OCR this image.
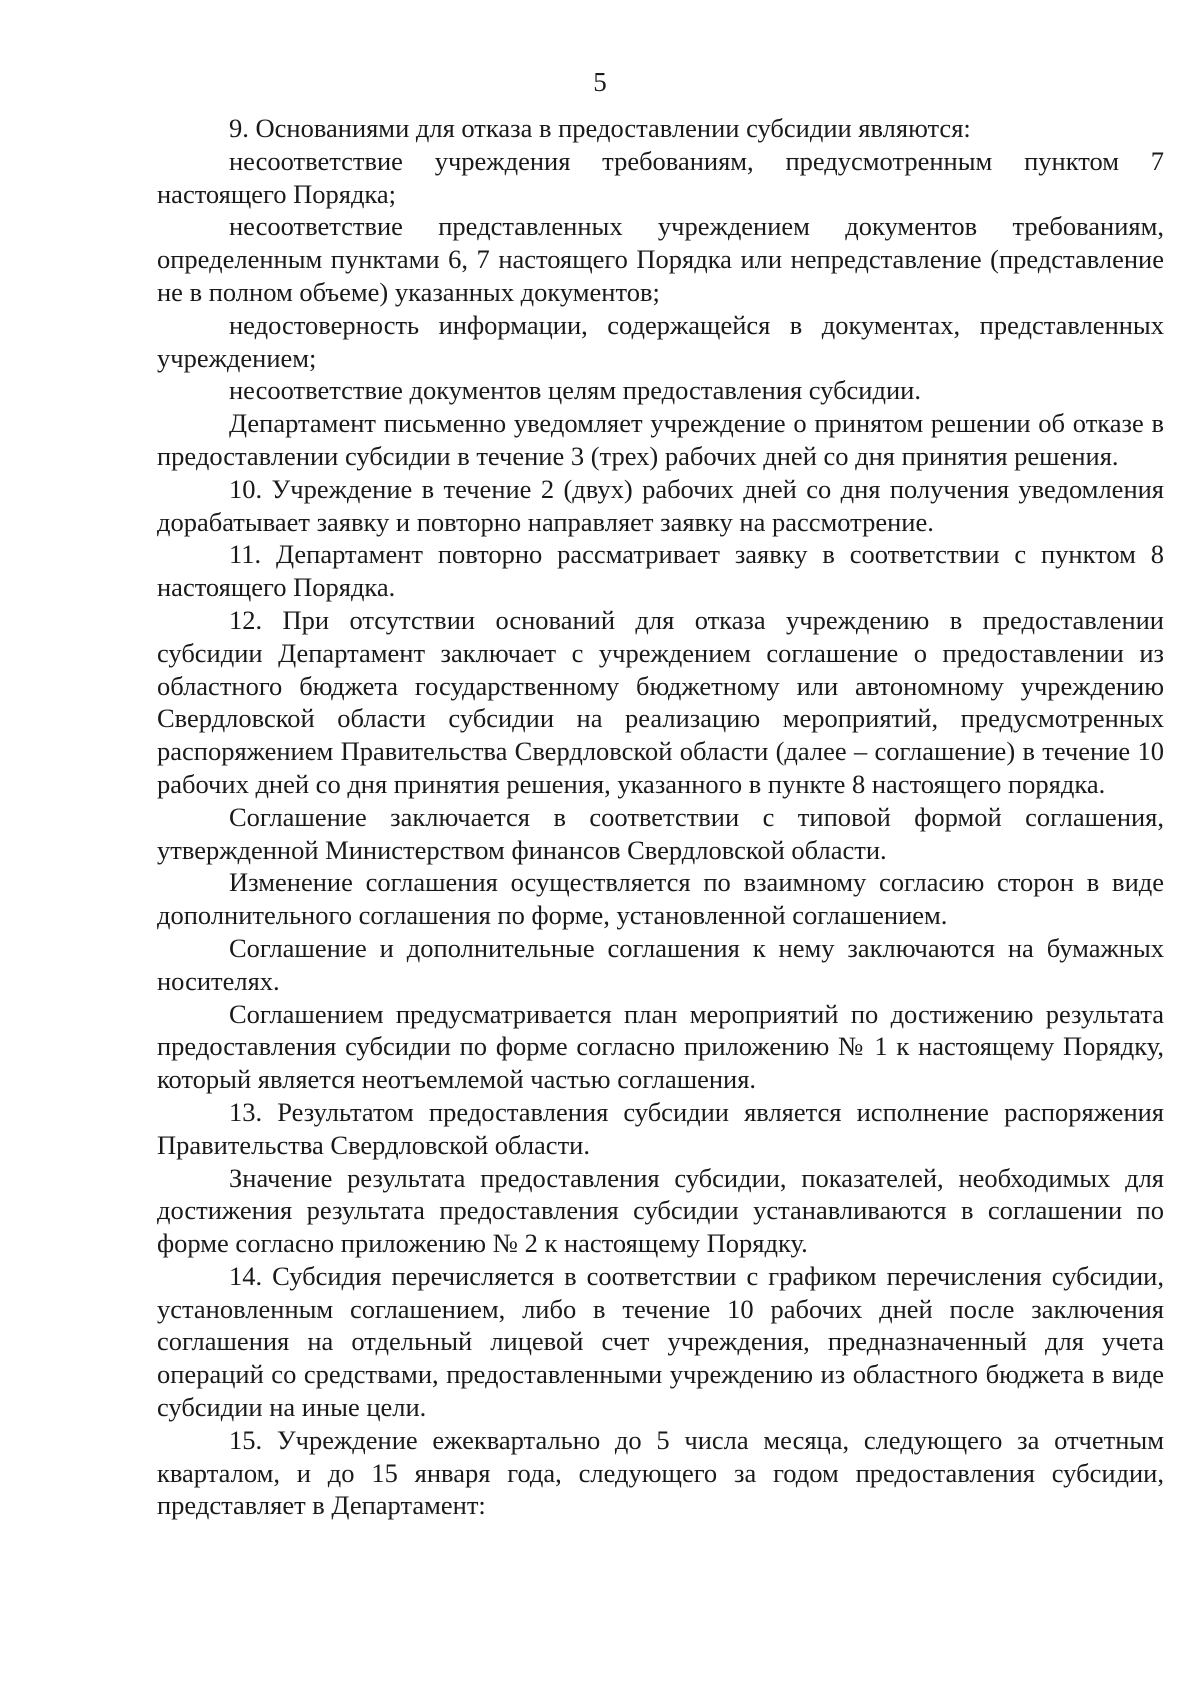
5

9. Основаниями для отказа в предоставлении субсидии являются:

несоответствие учреждения требованиям, предусмотренным пунктом 7 настоящего Порядка;

несоответствие представленных учреждением документов требованиям, определенным пунктами 6, 7 настоящего Порядка или непредставление (представление не в полном объеме) указанных документов;

недостоверность информации, содержащейся в документах, представленных учреждением;

несоответствие документов целям предоставления субсидии.

Департамент письменно уведомляет учреждение о принятом решении об отказе в предоставлении субсидии в течение 3 (трех) рабочих дней со дня принятия решения.

10. Учреждение в течение 2 (двух) рабочих дней со дня получения уведомления дорабатывает заявку и повторно направляет заявку на рассмотрение.

11. Департамент повторно рассматривает заявку в соответствии с пунктом 8 настоящего Порядка.

12. При отсутствии оснований для отказа учреждению в предоставлении субсидии Департамент заключает с учреждением соглашение о предоставлении из областного бюджета государственному бюджетному или автономному учреждению Свердловской области субсидии на реализацию мероприятий, предусмотренных распоряжением Правительства Свердловской области (далее – соглашение) в течение 10 рабочих дней со дня принятия решения, указанного в пункте 8 настоящего порядка.

Соглашение заключается в соответствии с типовой формой соглашения, утвержденной Министерством финансов Свердловской области.

Изменение соглашения осуществляется по взаимному согласию сторон в виде дополнительного соглашения по форме, установленной соглашением.

Соглашение и дополнительные соглашения к нему заключаются на бумажных носителях.

Соглашением предусматривается план мероприятий по достижению результата предоставления субсидии по форме согласно приложению № 1 к настоящему Порядку, который является неотъемлемой частью соглашения.

13. Результатом предоставления субсидии является исполнение распоряжения Правительства Свердловской области.

Значение результата предоставления субсидии, показателей, необходимых для достижения результата предоставления субсидии устанавливаются в соглашении по форме согласно приложению № 2 к настоящему Порядку.

14. Субсидия перечисляется в соответствии с графиком перечисления субсидии, установленным соглашением, либо в течение 10 рабочих дней после заключения соглашения на отдельный лицевой счет учреждения, предназначенный для учета операций со средствами, предоставленными учреждению из областного бюджета в виде субсидии на иные цели.

15. Учреждение ежеквартально до 5 числа месяца, следующего за отчетным кварталом, и до 15 января года, следующего за годом предоставления субсидии, представляет в Департамент:
